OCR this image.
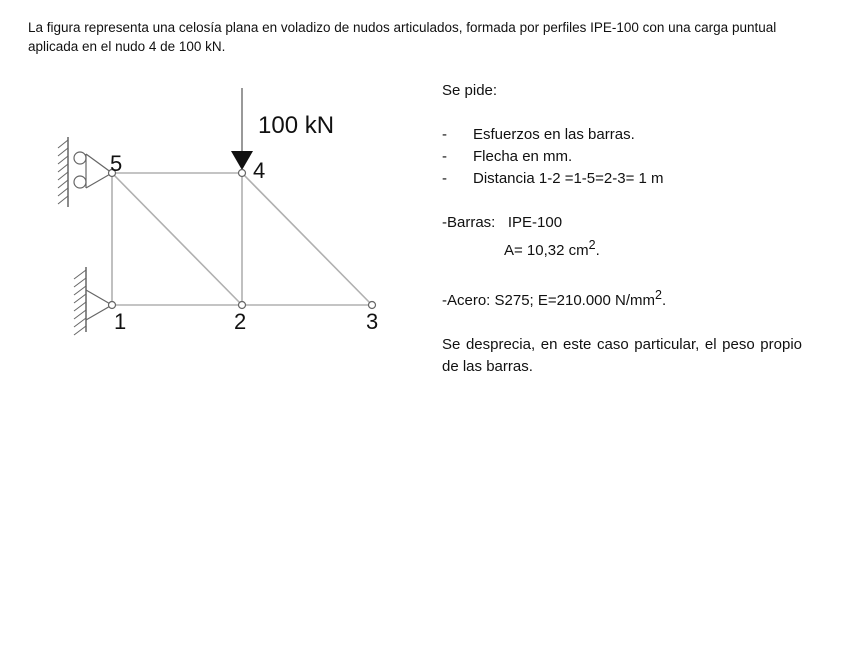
La figura representa una celosía plana en voladizo de nudos articulados, formada por perfiles IPE-100 con una carga puntual aplicada en el nudo 4 de 100 kN.

100 kN
5	4
1	2	3

Se pide:

- Esfuerzos en las barras.
- Flecha en mm.
- Distancia 1-2 =1-5=2-3= 1 m

-Barras: IPE-100

A= 10,32 $cm^2$.

-Acero: S275; E=210.000 $N/mm^2$.

Se desprecia, en este caso particular, el peso propio de las barras.
